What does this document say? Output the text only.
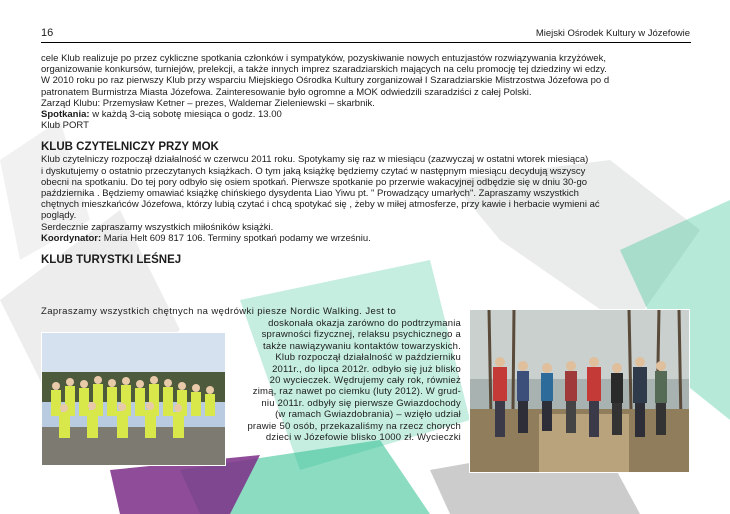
16	Miejski Ośrodek Kultury w Józefowie

cele Klub realizuje po przez cykliczne spotkania członków i sympatyków, pozyskiwanie nowych entuzjastów rozwiązywania krzyżówek,

organizowanie konkursów, turniejów, prelekcji, a także innych imprez szaradziarskich mających na celu promocję tej dziedziny wi edzy.

W 2010 roku po raz pierwszy Klub przy wsparciu Miejskiego Ośrodka Kultury zorganizował I Szaradziarskie Mistrzostwa Józefowa po d

patronatem Burmistrza Miasta Józefowa. Zainteresowanie było ogromne a MOK odwiedzili szaradziści z całej Polski.

Zarząd Klubu: Przemysław Ketner – prezes, Waldemar Zieleniewski – skarbnik.

Spotkania: w każdą 3-cią sobotę miesiąca o godz. 13.00

Klub PORT

KLUB CZYTELNICZY PRZY MOK

Klub czytelniczy rozpoczął działalność w czerwcu 2011 roku. Spotykamy się raz w miesiącu (zazwyczaj w ostatni wtorek miesiąca)

i dyskutujemy o ostatnio przeczytanych książkach. O tym jaką książkę będziemy czytać w następnym miesiącu decydują wszyscy

obecni na spotkaniu. Do tej pory odbyło się osiem spotkań. Pierwsze spotkanie po przerwie wakacyjnej odbędzie się w dniu 30-go

października . Będziemy omawiać książkę chińskiego dysydenta Liao Yiwu pt. " Prowadzący umarłych". Zapraszamy wszystkich

chętnych mieszkańców Józefowa, którzy lubią czytać i chcą spotykać się , żeby w miłej atmosferze, przy kawie i herbacie wymieni ać

poglądy.

Serdecznie zapraszamy wszystkich miłośników książki.

Koordynator: Maria Helt 609 817 106. Terminy spotkań podamy we wrześniu.

KLUB TURYSTKI LEŚNEJ
Zapraszamy wszystkich chętnych na wędrówki piesze Nordic Walking. Jest to

doskonała okazja zarówno do podtrzymania

sprawności fizycznej, relaksu psychicznego a

także nawiązywaniu kontaktów towarzyskich.

Klub rozpoczął działalność w październiku

2011r., do lipca 2012r. odbyło się już blisko

20 wycieczek. Wędrujemy cały rok, również

zimą, raz nawet po ciemku (luty 2012). W grud-

niu 2011r. odbyły się pierwsze Gwiazdochody

(w ramach Gwiazdobrania) – wzięło udział

prawie 50 osób, przekazaliśmy na rzecz chorych

dzieci w Józefowie blisko 1000 zł. Wycieczki
